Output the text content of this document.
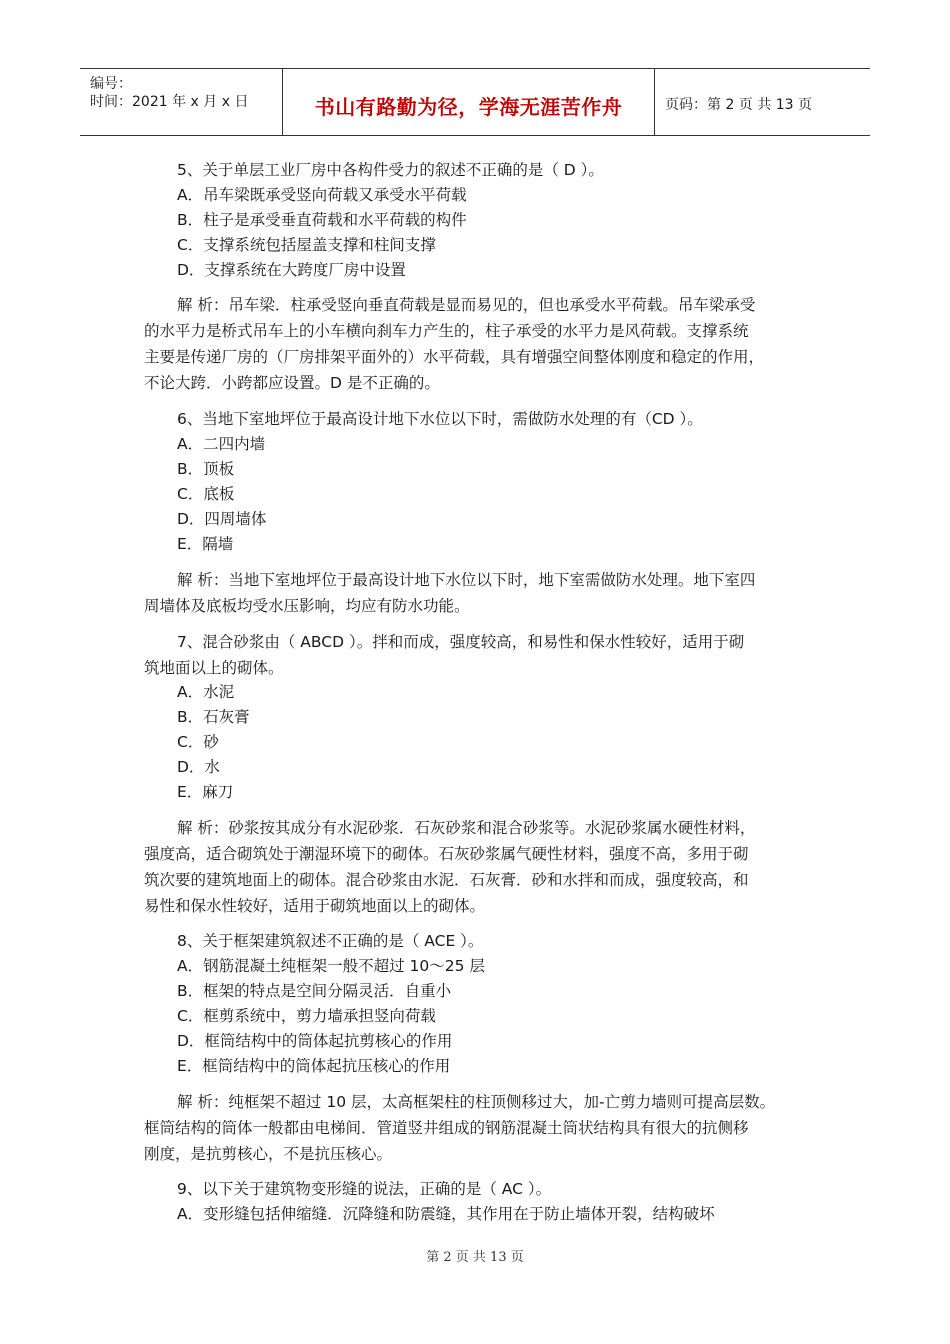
编号：
时间：2021 年 x 月 x 日	书山有路勤为径，学海无涯苦作舟	页码：第 2 页 共 13 页
5、关于单层工业厂房中各构件受力的叙述不正确的是（ D ）。
A．吊车梁既承受竖向荷载又承受水平荷载
B．柱子是承受垂直荷载和水平荷载的构件
C．支撑系统包括屋盖支撑和柱间支撑
D．支撑系统在大跨度厂房中设置
解 析：吊车梁．柱承受竖向垂直荷载是显而易见的，但也承受水平荷载。吊车梁承受
的水平力是桥式吊车上的小车横向刹车力产生的，柱子承受的水平力是风荷载。支撑系统
主要是传递厂房的（厂房排架平面外的）水平荷载，具有增强空间整体刚度和稳定的作用，
不论大跨．小跨都应设置。D 是不正确的。
6、当地下室地坪位于最高设计地下水位以下时，需做防水处理的有（CD ）。
A．二四内墙
B．顶板
C．底板
D．四周墙体
E．隔墙
解 析：当地下室地坪位于最高设计地下水位以下时，地下室需做防水处理。地下室四
周墙体及底板均受水压影响，均应有防水功能。
7、混合砂浆由（ ABCD ）。拌和而成，强度较高，和易性和保水性较好，适用于砌
筑地面以上的砌体。
A．水泥
B．石灰膏
C．砂
D．水
E．麻刀
解 析：砂浆按其成分有水泥砂浆．石灰砂浆和混合砂浆等。水泥砂浆属水硬性材料，
强度高，适合砌筑处于潮湿环境下的砌体。石灰砂浆属气硬性材料，强度不高，多用于砌
筑次要的建筑地面上的砌体。混合砂浆由水泥．石灰膏．砂和水拌和而成，强度较高，和
易性和保水性较好，适用于砌筑地面以上的砌体。
8、关于框架建筑叙述不正确的是（ ACE ）。
A．钢筋混凝土纯框架一般不超过 10～25 层
B．框架的特点是空间分隔灵活．自重小
C．框剪系统中，剪力墙承担竖向荷载
D．框筒结构中的筒体起抗剪核心的作用
E．框筒结构中的筒体起抗压核心的作用
解 析：纯框架不超过 10 层，太高框架柱的柱顶侧移过大，加-亡剪力墙则可提高层数。
框筒结构的筒体一般都由电梯间．管道竖井组成的钢筋混凝土筒状结构具有很大的抗侧移
刚度，是抗剪核心，不是抗压核心。
9、以下关于建筑物变形缝的说法，正确的是（ AC ）。
A．变形缝包括伸缩缝．沉降缝和防震缝，其作用在于防止墙体开裂，结构破坏
第 2 页 共 13 页
